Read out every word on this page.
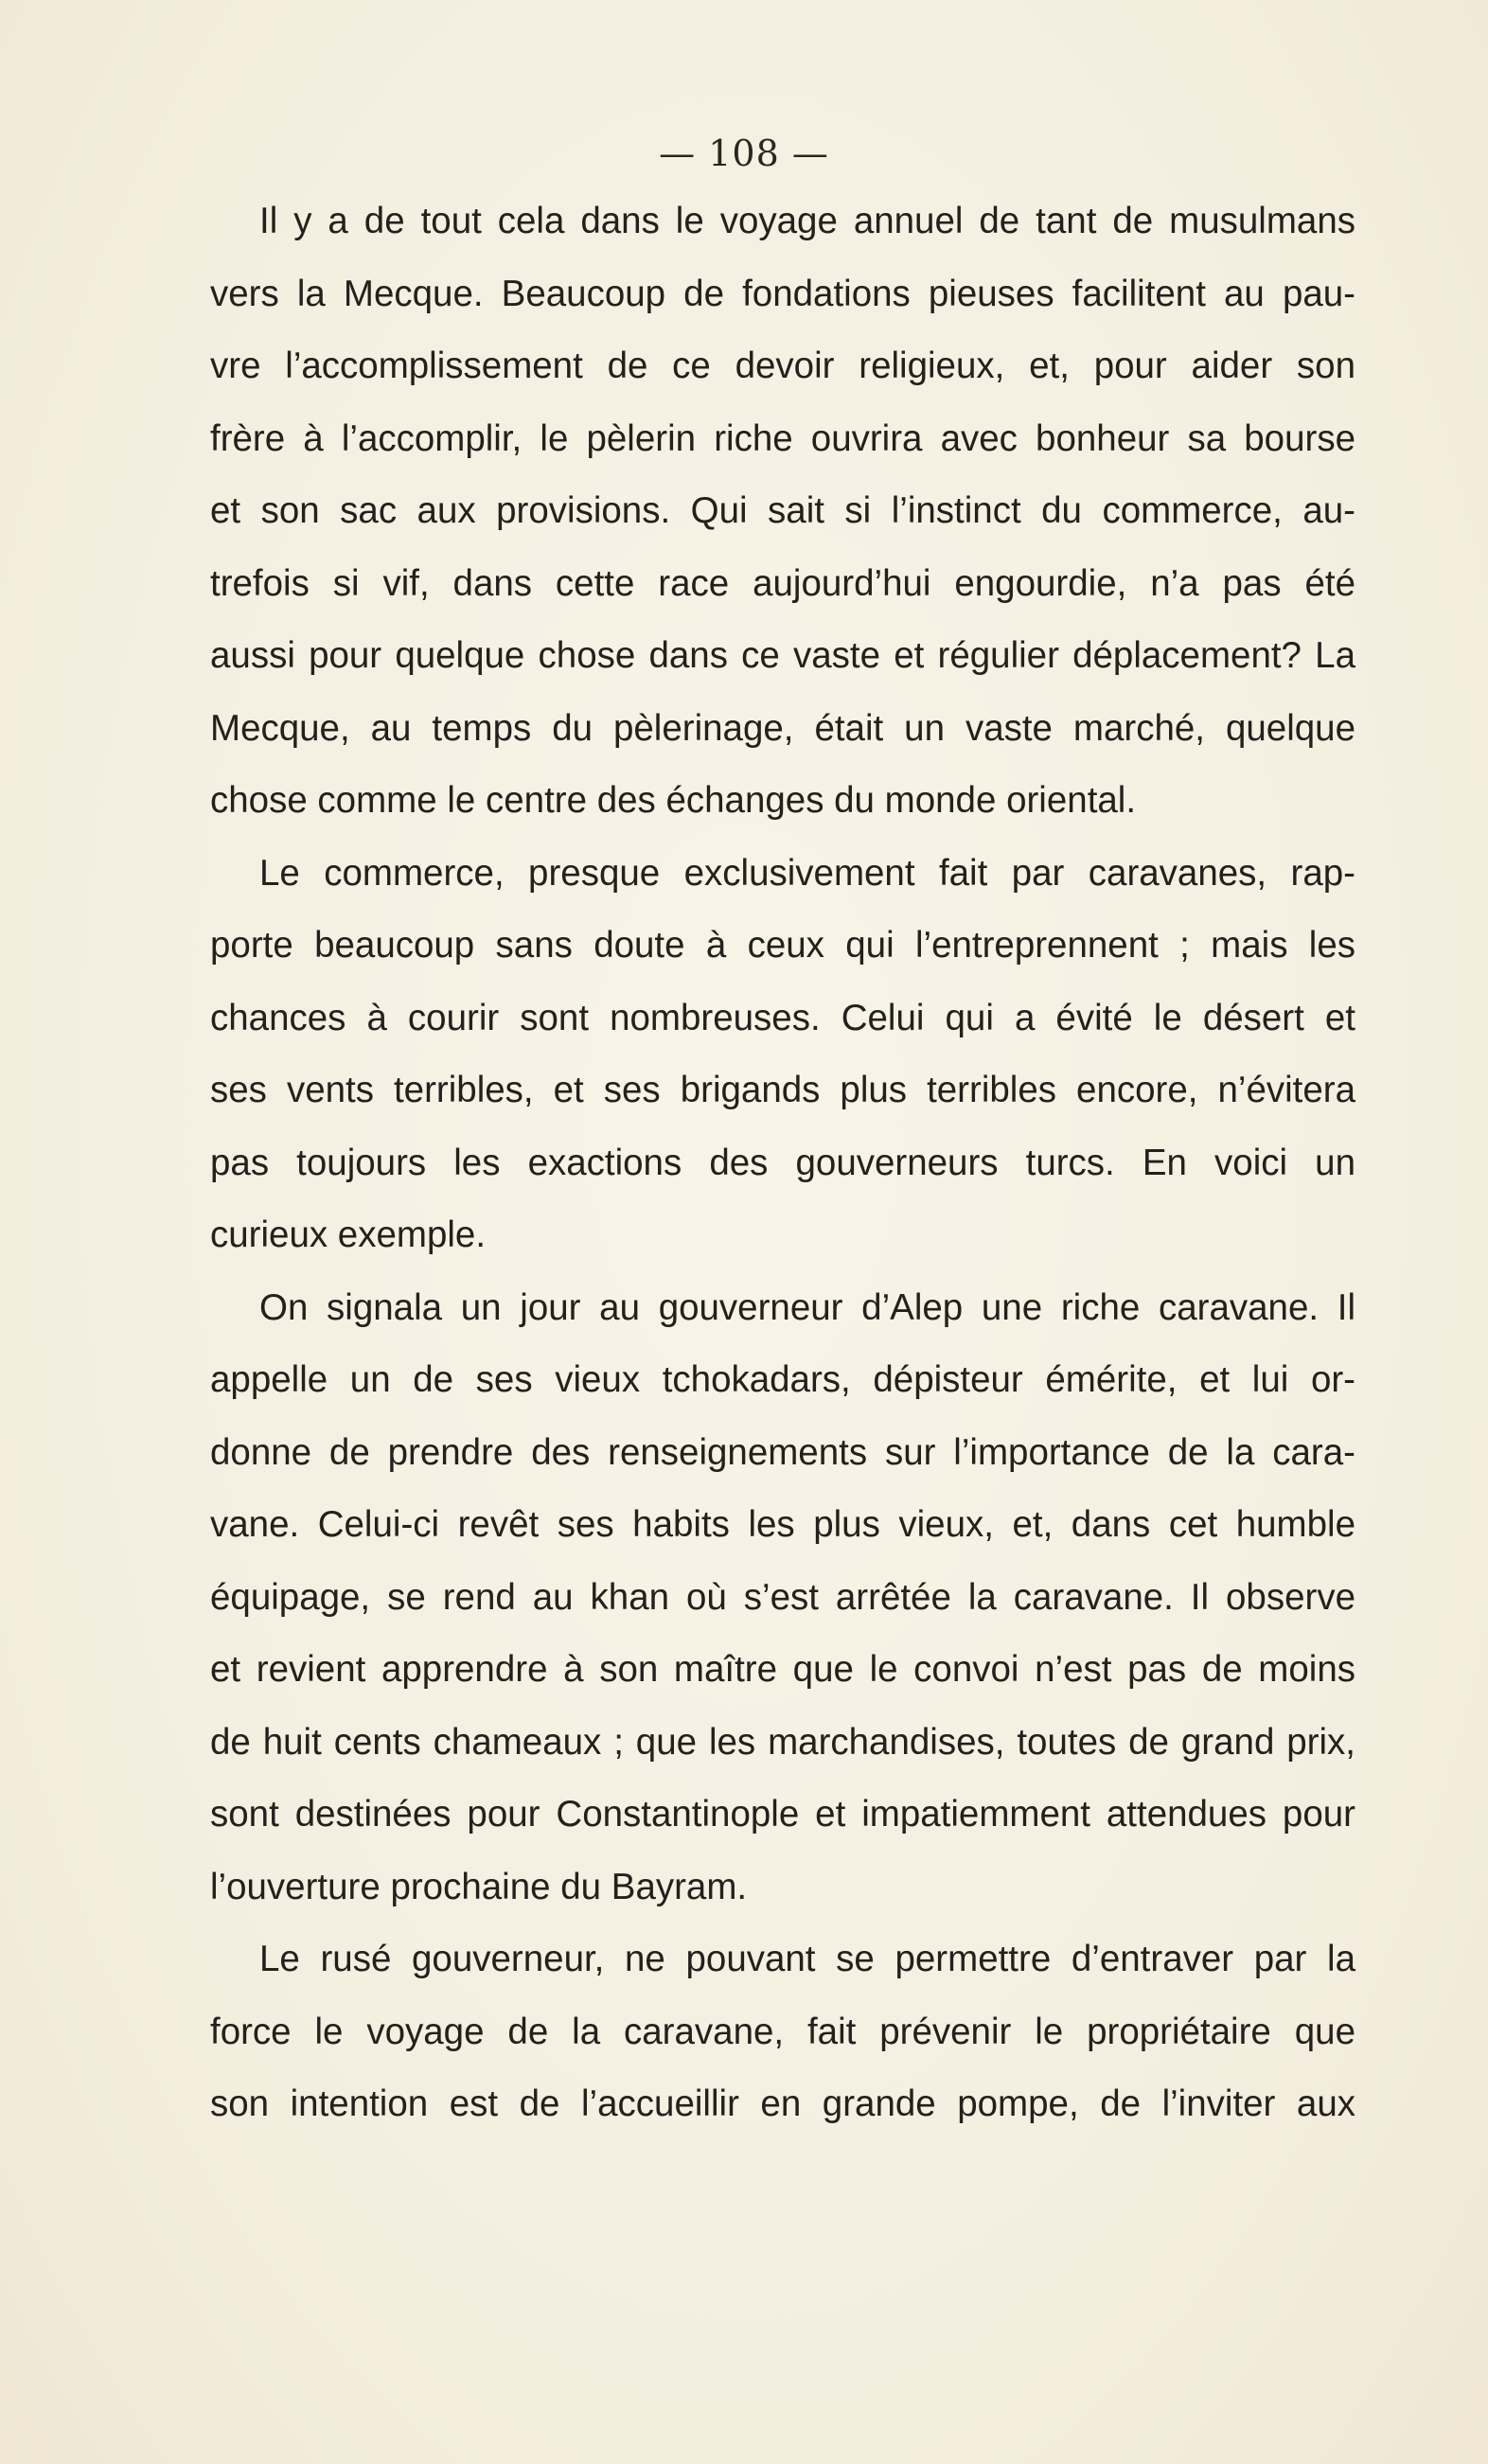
— 108 —
Il y a de tout cela dans le voyage annuel de tant de musulmans
vers la Mecque. Beaucoup de fondations pieuses facilitent au pau-
vre l’accomplissement de ce devoir religieux, et, pour aider son
frère à l’accomplir, le pèlerin riche ouvrira avec bonheur sa bourse
et son sac aux provisions. Qui sait si l’instinct du commerce, au-
trefois si vif, dans cette race aujourd’hui engourdie, n’a pas été
aussi pour quelque chose dans ce vaste et régulier déplacement? La
Mecque, au temps du pèlerinage, était un vaste marché, quelque
chose comme le centre des échanges du monde oriental.
Le commerce, presque exclusivement fait par caravanes, rap-
porte beaucoup sans doute à ceux qui l’entreprennent ; mais les
chances à courir sont nombreuses. Celui qui a évité le désert et
ses vents terribles, et ses brigands plus terribles encore, n’évitera
pas toujours les exactions des gouverneurs turcs. En voici un
curieux exemple.
On signala un jour au gouverneur d’Alep une riche caravane. Il
appelle un de ses vieux tchokadars, dépisteur émérite, et lui or-
donne de prendre des renseignements sur l’importance de la cara-
vane. Celui-ci revêt ses habits les plus vieux, et, dans cet humble
équipage, se rend au khan où s’est arrêtée la caravane. Il observe
et revient apprendre à son maître que le convoi n’est pas de moins
de huit cents chameaux ; que les marchandises, toutes de grand prix,
sont destinées pour Constantinople et impatiemment attendues pour
l’ouverture prochaine du Bayram.
Le rusé gouverneur, ne pouvant se permettre d’entraver par la
force le voyage de la caravane, fait prévenir le propriétaire que
son intention est de l’accueillir en grande pompe, de l’inviter aux
